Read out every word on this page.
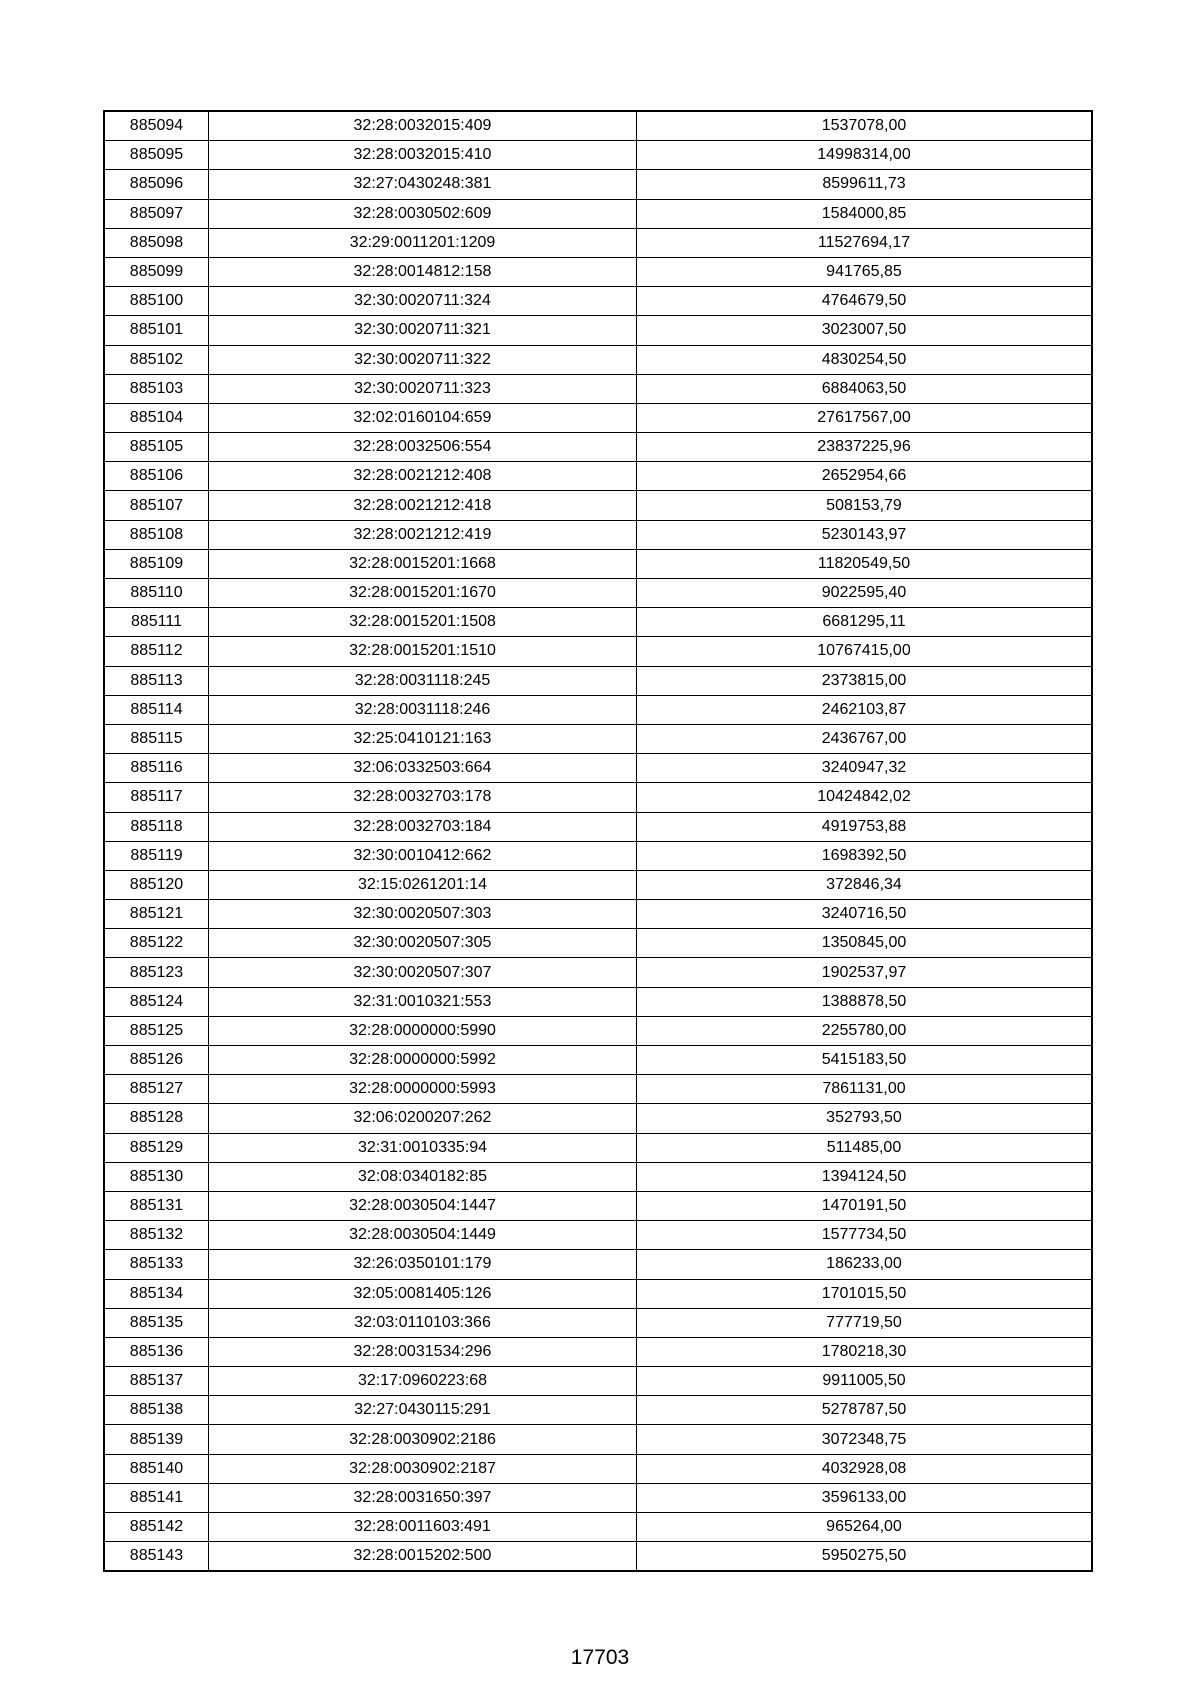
885094	32:28:0032015:409	1537078,00
885095	32:28:0032015:410	14998314,00
885096	32:27:0430248:381	8599611,73
885097	32:28:0030502:609	1584000,85
885098	32:29:0011201:1209	11527694,17
885099	32:28:0014812:158	941765,85
885100	32:30:0020711:324	4764679,50
885101	32:30:0020711:321	3023007,50
885102	32:30:0020711:322	4830254,50
885103	32:30:0020711:323	6884063,50
885104	32:02:0160104:659	27617567,00
885105	32:28:0032506:554	23837225,96
885106	32:28:0021212:408	2652954,66
885107	32:28:0021212:418	508153,79
885108	32:28:0021212:419	5230143,97
885109	32:28:0015201:1668	11820549,50
885110	32:28:0015201:1670	9022595,40
885111	32:28:0015201:1508	6681295,11
885112	32:28:0015201:1510	10767415,00
885113	32:28:0031118:245	2373815,00
885114	32:28:0031118:246	2462103,87
885115	32:25:0410121:163	2436767,00
885116	32:06:0332503:664	3240947,32
885117	32:28:0032703:178	10424842,02
885118	32:28:0032703:184	4919753,88
885119	32:30:0010412:662	1698392,50
885120	32:15:0261201:14	372846,34
885121	32:30:0020507:303	3240716,50
885122	32:30:0020507:305	1350845,00
885123	32:30:0020507:307	1902537,97
885124	32:31:0010321:553	1388878,50
885125	32:28:0000000:5990	2255780,00
885126	32:28:0000000:5992	5415183,50
885127	32:28:0000000:5993	7861131,00
885128	32:06:0200207:262	352793,50
885129	32:31:0010335:94	511485,00
885130	32:08:0340182:85	1394124,50
885131	32:28:0030504:1447	1470191,50
885132	32:28:0030504:1449	1577734,50
885133	32:26:0350101:179	186233,00
885134	32:05:0081405:126	1701015,50
885135	32:03:0110103:366	777719,50
885136	32:28:0031534:296	1780218,30
885137	32:17:0960223:68	9911005,50
885138	32:27:0430115:291	5278787,50
885139	32:28:0030902:2186	3072348,75
885140	32:28:0030902:2187	4032928,08
885141	32:28:0031650:397	3596133,00
885142	32:28:0011603:491	965264,00
885143	32:28:0015202:500	5950275,50
17703
